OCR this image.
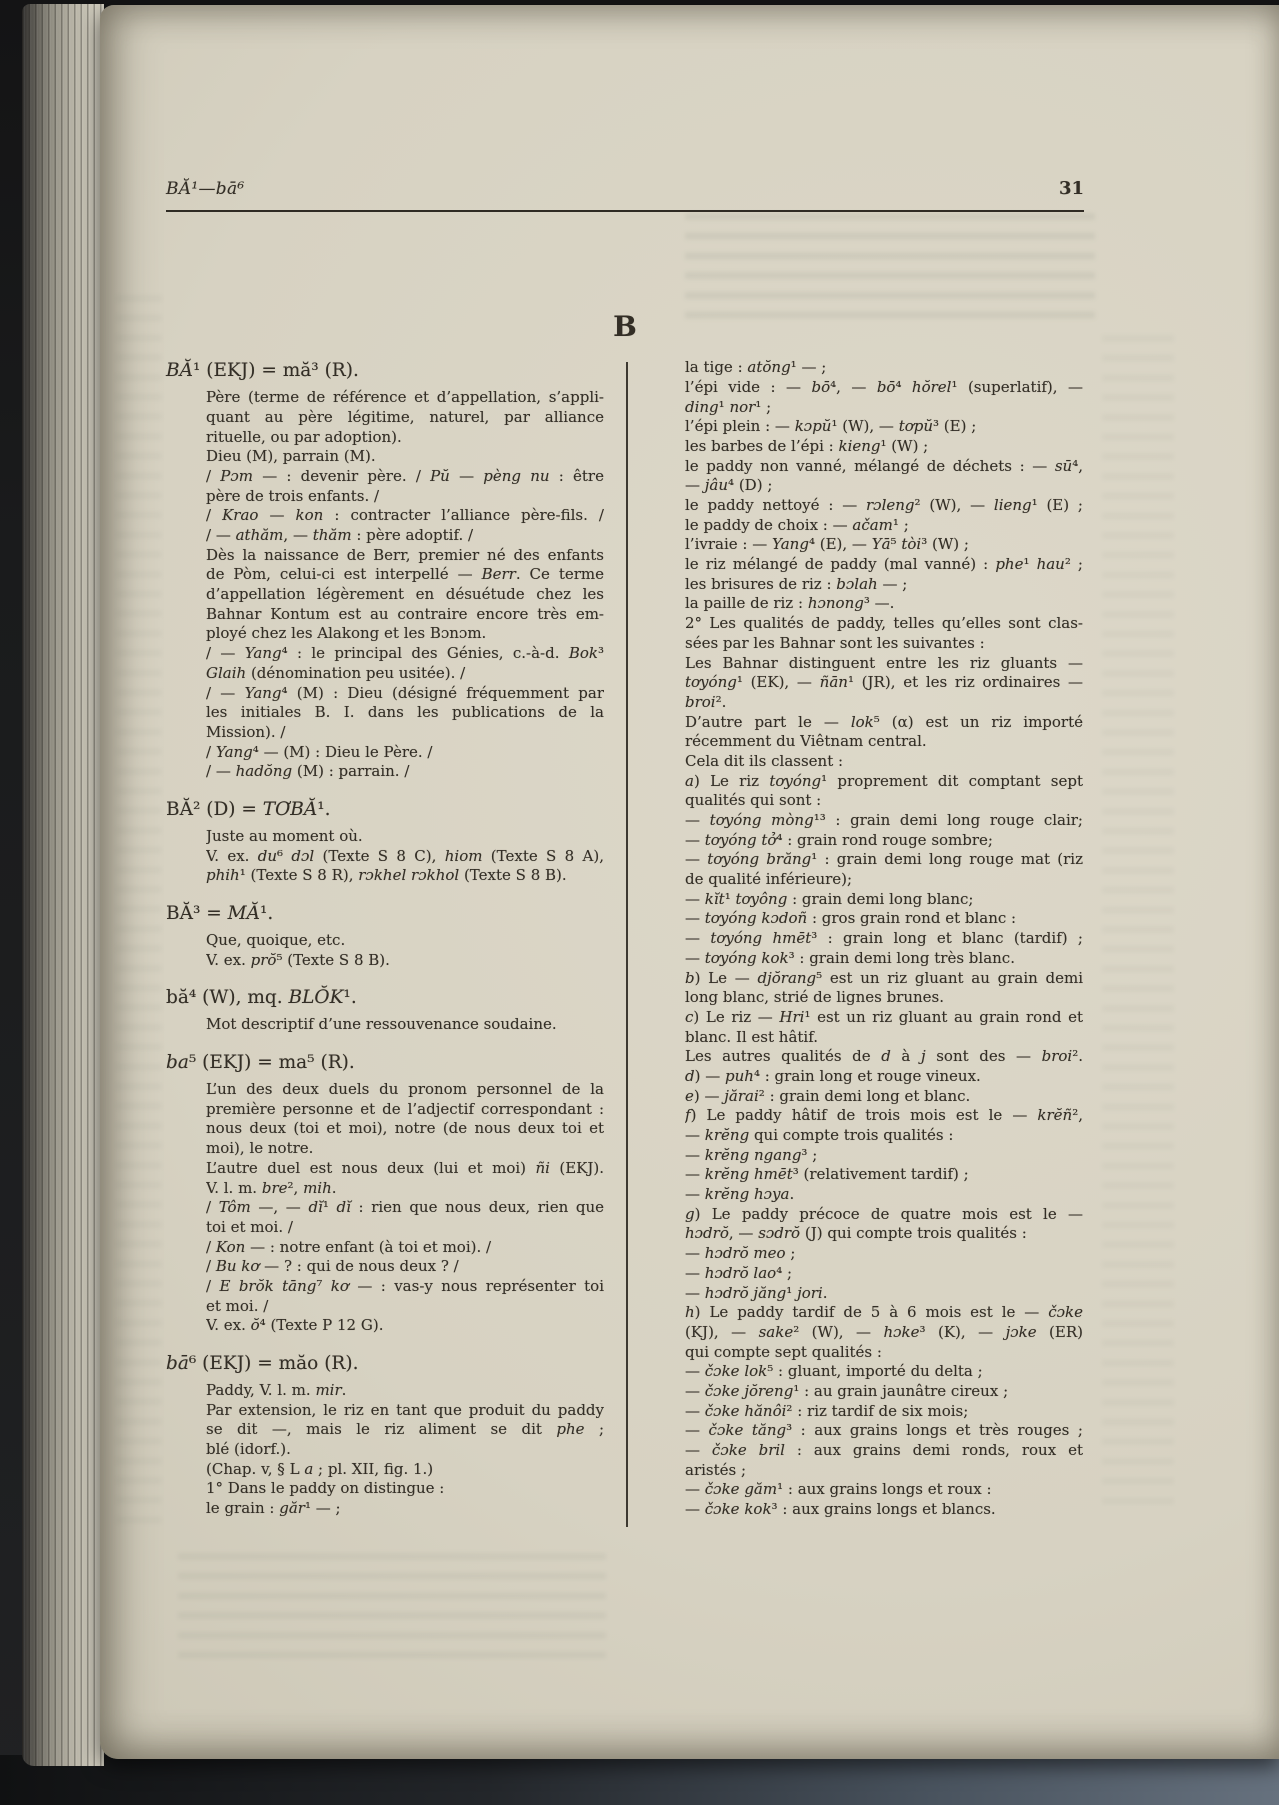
BĂ¹—bā⁶	31
B
BĂ¹ (EKJ) = mă³ (R).
Père (terme de référence et d’appellation, s’appli-
quant au père légitime, naturel, par alliance
rituelle, ou par adoption).
Dieu (M), parrain (M).
/ Pɔm — : devenir père. / Pŭ — pèng nu : être
père de trois enfants. /
/ Krao — kon : contracter l’alliance père-fils. /
/ — athăm, — thăm : père adoptif. /
Dès la naissance de Berr, premier né des enfants
de Pòm, celui-ci est interpellé — Berr. Ce terme
d’appellation légèrement en désuétude chez les
Bahnar Kontum est au contraire encore très em-
ployé chez les Alakong et les Bɔnɔm.
/ — Yang⁴ : le principal des Génies, c.-à-d. Bok³
Glaih (dénomination peu usitée). /
/ — Yang⁴ (M) : Dieu (désigné fréquemment par
les initiales B. I. dans les publications de la
Mission). /
/ Yang⁴ — (M) : Dieu le Père. /
/ — hadŏng (M) : parrain. /
BĂ² (D) = TƠBĂ¹.
Juste au moment où.
V. ex. du⁶ dɔl (Texte S 8 C), hiom (Texte S 8 A),
phih¹ (Texte S 8 R), rɔkhel rɔkhol (Texte S 8 B).
BĂ³ = MĂ¹.
Que, quoique, etc.
V. ex. prŏ⁵ (Texte S 8 B).
bă⁴ (W), mq. BLŎK¹.
Mot descriptif d’une ressouvenance soudaine.
ba⁵ (EKJ) = ma⁵ (R).
L’un des deux duels du pronom personnel de la
première personne et de l’adjectif correspondant :
nous deux (toi et moi), notre (de nous deux toi et
moi), le notre.
L’autre duel est nous deux (lui et moi) ñi (EKJ).
V. l. m. bre², mih.
/ Tôm —, — dĭ¹ dĭ : rien que nous deux, rien que
toi et moi. /
/ Kon — : notre enfant (à toi et moi). /
/ Bu kơ — ? : qui de nous deux ? /
/ E brŏk tāng⁷ kơ — : vas-y nous représenter toi
et moi. /
V. ex. ŏ⁴ (Texte P 12 G).
bā⁶ (EKJ) = măo (R).
Paddy, V. l. m. mir.
Par extension, le riz en tant que produit du paddy
se dit —, mais le riz aliment se dit phe ;
blé (idorf.).
(Chap. v, § L a ; pl. XII, fig. 1.)
1° Dans le paddy on distingue :
le grain : găr¹ — ;
la tige : atŏng¹ — ;
l’épi vide : — bō⁴, — bō⁴ hŏrel¹ (superlatif), —
ding¹ nor¹ ;
l’épi plein : — kɔpŭ¹ (W), — tơpŭ³ (E) ;
les barbes de l’épi : kieng¹ (W) ;
le paddy non vanné, mélangé de déchets : — sū⁴,
— jâu⁴ (D) ;
le paddy nettoyé : — rɔleng² (W), — lieng¹ (E) ;
le paddy de choix : — ačam¹ ;
l’ivraie : — Yang⁴ (E), — Yā⁵ tòi³ (W) ;
le riz mélangé de paddy (mal vanné) : phe¹ hau² ;
les brisures de riz : bɔlah — ;
la paille de riz : hɔnong³ —.
2° Les qualités de paddy, telles qu’elles sont clas-
sées par les Bahnar sont les suivantes :
Les Bahnar distinguent entre les riz gluants —
tơyóng¹ (EK), — ñān¹ (JR), et les riz ordinaires —
broi².
D’autre part le — lok⁵ (α) est un riz importé
récemment du Viêtnam central.
Cela dit ils classent :
a) Le riz tơyóng¹ proprement dit comptant sept
qualités qui sont :
— tơyóng mòng¹³ : grain demi long rouge clair;
— tơyóng tở⁴ : grain rond rouge sombre;
— tơyóng brăng¹ : grain demi long rouge mat (riz
de qualité inférieure);
— kĭt¹ tơyông : grain demi long blanc;
— tơyóng kɔdoñ : gros grain rond et blanc :
— tơyóng hmēt³ : grain long et blanc (tardif) ;
— tơyóng kok³ : grain demi long très blanc.
b) Le — djŏrang⁵ est un riz gluant au grain demi
long blanc, strié de lignes brunes.
c) Le riz — Hri¹ est un riz gluant au grain rond et
blanc. Il est hâtif.
Les autres qualités de d à j sont des — broi².
d) — puh⁴ : grain long et rouge vineux.
e) — jărai² : grain demi long et blanc.
f) Le paddy hâtif de trois mois est le — krĕñ²,
— krĕng qui compte trois qualités :
— krĕng ngang³ ;
— krĕng hmēt³ (relativement tardif) ;
— krĕng hɔya.
g) Le paddy précoce de quatre mois est le —
hɔdrŏ, — sɔdrŏ (J) qui compte trois qualités :
— hɔdrŏ meo ;
— hɔdrŏ lao⁴ ;
— hɔdrŏ jăng¹ jori.
h) Le paddy tardif de 5 à 6 mois est le — čɔke
(KJ), — sake² (W), — hɔke³ (K), — jɔke (ER)
qui compte sept qualités :
— čɔke lok⁵ : gluant, importé du delta ;
— čɔke jŏreng¹ : au grain jaunâtre cireux ;
— čɔke hănôi² : riz tardif de six mois;
— čɔke tăng³ : aux grains longs et très rouges ;
— čɔke bril : aux grains demi ronds, roux et
aristés ;
— čɔke găm¹ : aux grains longs et roux :
— čɔke kok³ : aux grains longs et blancs.
